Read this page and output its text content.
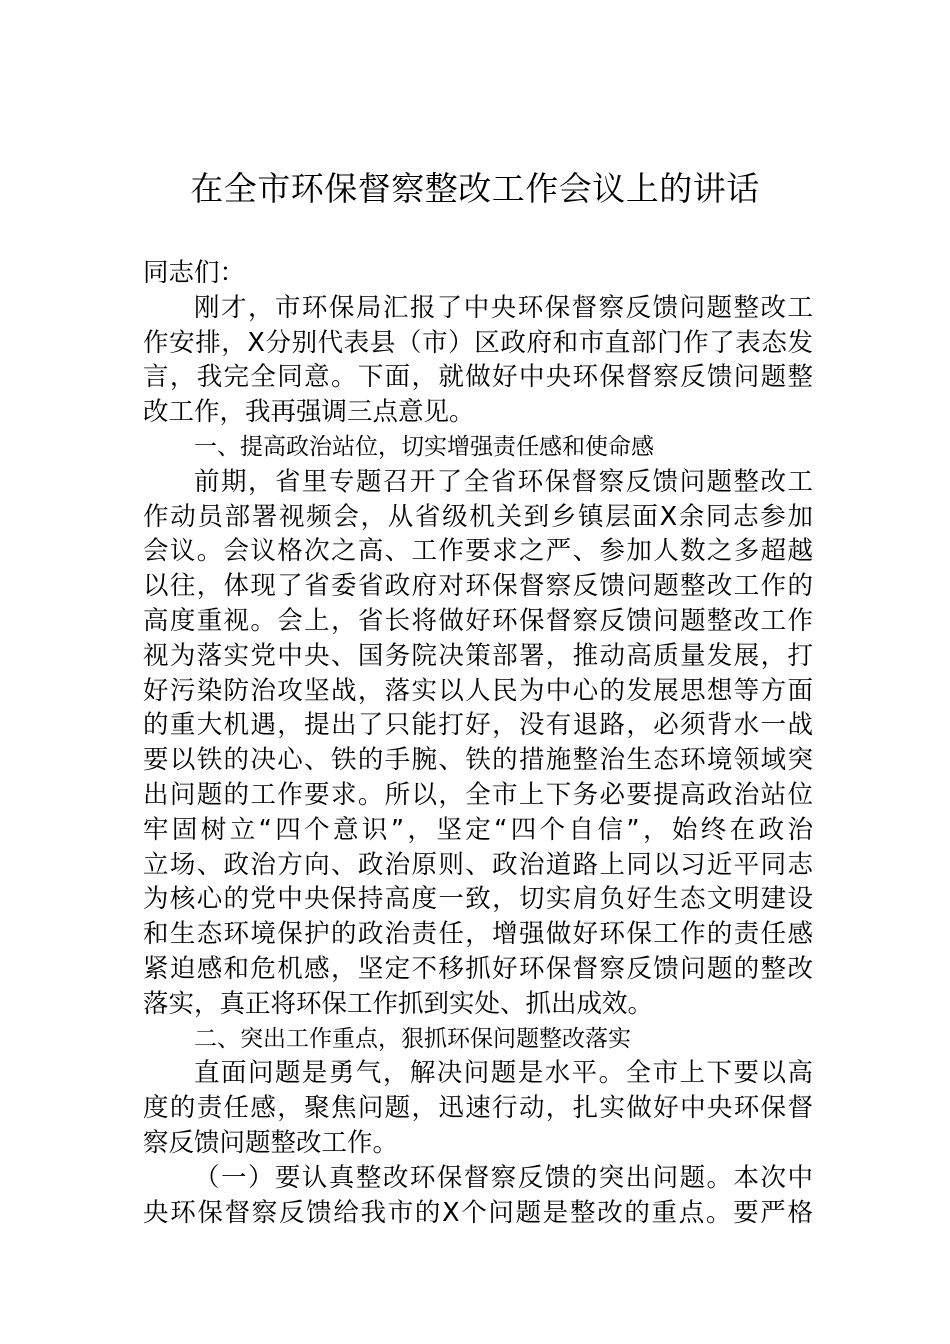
在全市环保督察整改工作会议上的讲话
同志们：
刚才，市环保局汇报了中央环保督察反馈问题整改工
作安排，X分别代表县（市）区政府和市直部门作了表态发
言，我完全同意。下面，就做好中央环保督察反馈问题整
改工作，我再强调三点意见。
一、提高政治站位，切实增强责任感和使命感
前期，省里专题召开了全省环保督察反馈问题整改工
作动员部署视频会，从省级机关到乡镇层面X余同志参加
会议。会议格次之高、工作要求之严、参加人数之多超越
以往，体现了省委省政府对环保督察反馈问题整改工作的
高度重视。会上，省长将做好环保督察反馈问题整改工作
视为落实党中央、国务院决策部署，推动高质量发展，打
好污染防治攻坚战，落实以人民为中心的发展思想等方面
的重大机遇，提出了只能打好，没有退路，必须背水一战
要以铁的决心、铁的手腕、铁的措施整治生态环境领域突
出问题的工作要求。所以，全市上下务必要提高政治站位
牢固树立“四个意识”，坚定“四个自信”，始终在政治
立场、政治方向、政治原则、政治道路上同以习近平同志
为核心的党中央保持高度一致，切实肩负好生态文明建设
和生态环境保护的政治责任，增强做好环保工作的责任感
紧迫感和危机感，坚定不移抓好环保督察反馈问题的整改
落实，真正将环保工作抓到实处、抓出成效。
二、突出工作重点，狠抓环保问题整改落实
直面问题是勇气，解决问题是水平。全市上下要以高
度的责任感，聚焦问题，迅速行动，扎实做好中央环保督
察反馈问题整改工作。
（一）要认真整改环保督察反馈的突出问题。本次中
央环保督察反馈给我市的X个问题是整改的重点。要严格
